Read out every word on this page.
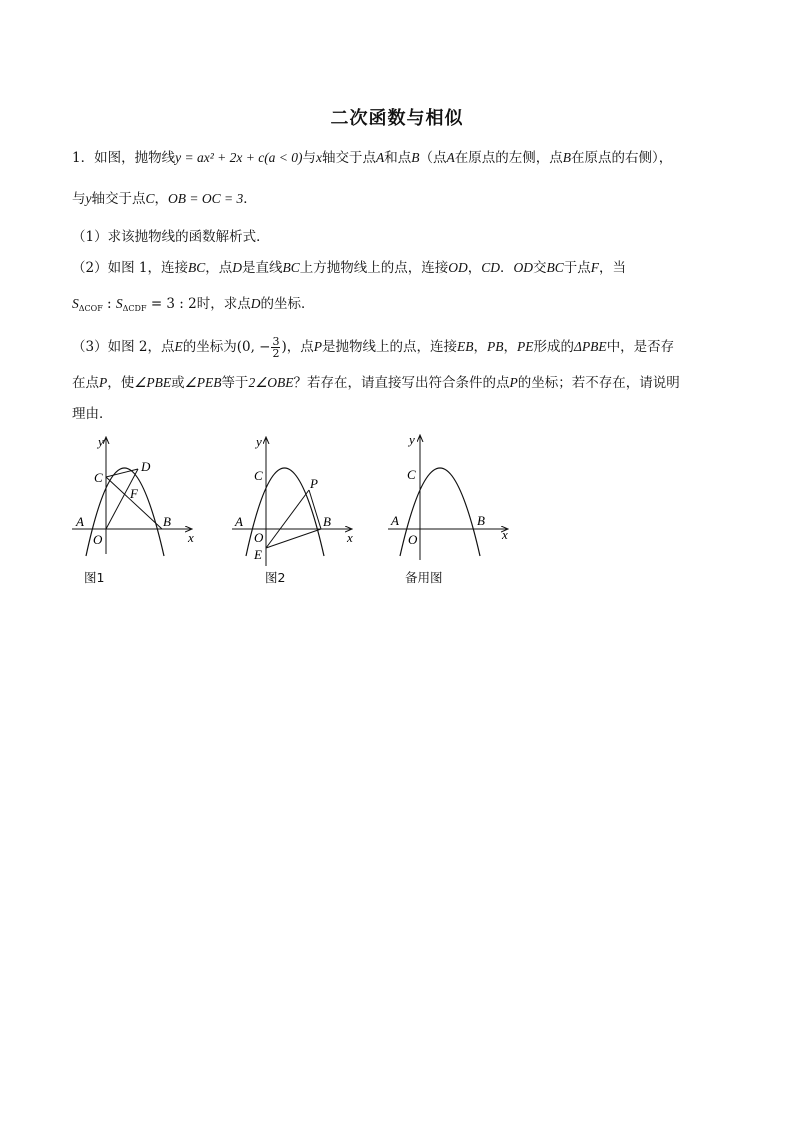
二次函数与相似
1．如图，抛物线y = ax² + 2x + c(a < 0)与x轴交于点A和点B（点A在原点的左侧，点B在原点的右侧），
与y轴交于点C，OB = OC = 3．
（1）求该抛物线的函数解析式．
（2）如图 1，连接BC，点D是直线BC上方抛物线上的点，连接OD，CD．OD交BC于点F，当
$S_{\Delta COF}$ : $S_{\Delta CDF} = 3$ : 2时，求点D的坐标．
（3）如图 2，点E的坐标为(0, − $\frac{3}{2}$ )，点P是抛物线上的点，连接EB，PB，PE形成的ΔPBE中，是否存
在点P，使∠PBE或∠PEB等于2∠OBE？若存在，请直接写出符合条件的点P的坐标；若不存在，请说明
理由．
y
x
O
A	B
C
D
F
图1
y
x
O
A	B
C
P
E
图2
y
x
O
A	B
C
备用图
